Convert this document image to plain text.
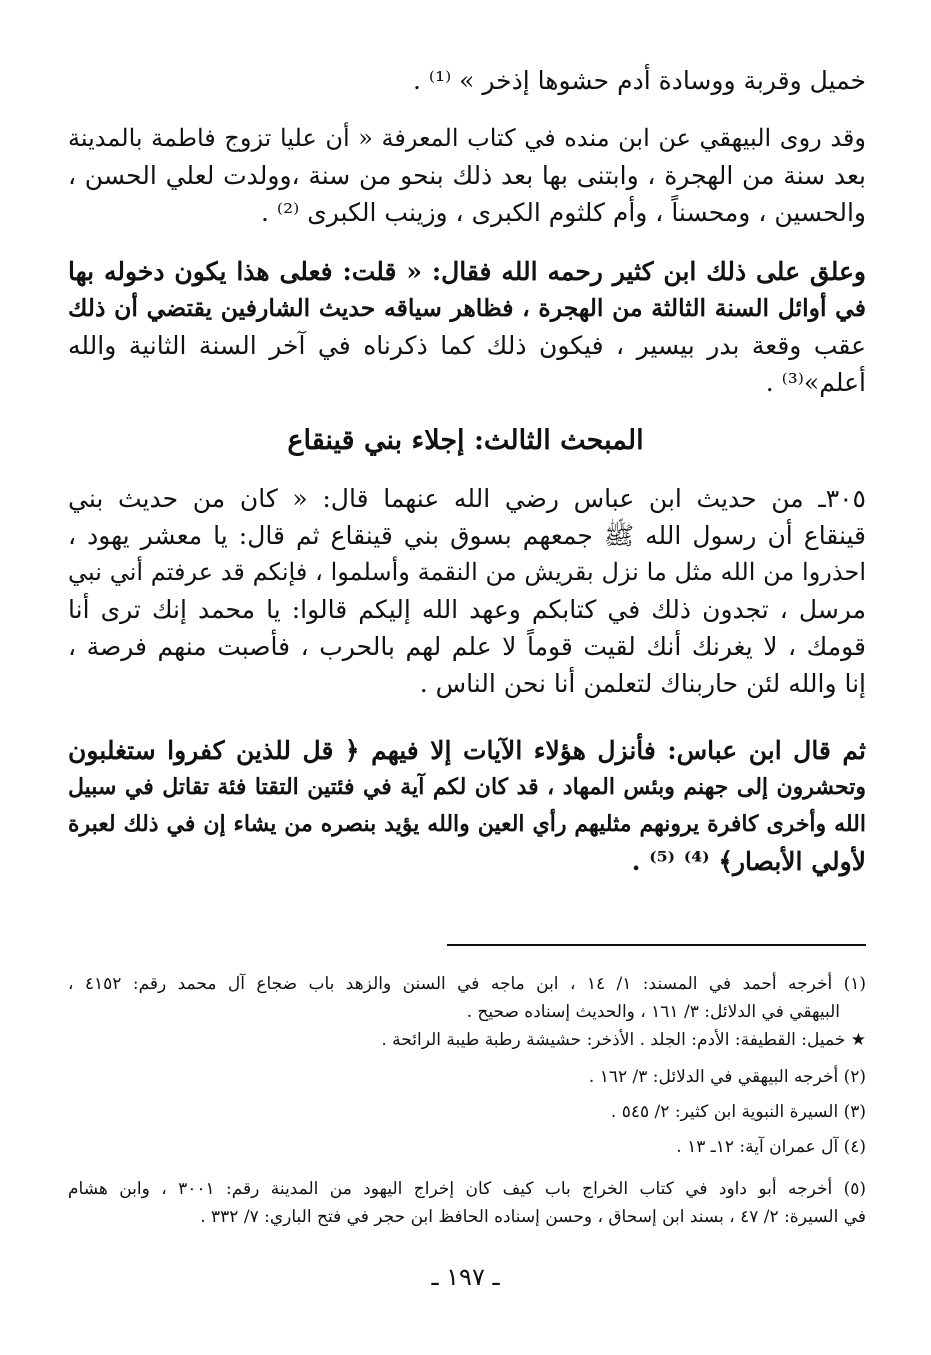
خميل وقربة ووسادة أدم حشوها إذخر » ⁽¹⁾ .
وقد روى البيهقي عن ابن منده في كتاب المعرفة « أن عليا تزوج فاطمة بالمدينة
بعد سنة من الهجرة ، وابتنى بها بعد ذلك بنحو من سنة ،وولدت لعلي الحسن ،
والحسين ، ومحسناً ، وأم كلثوم الكبرى ، وزينب الكبرى ⁽²⁾ .
وعلق على ذلك ابن كثير رحمه الله فقال: « قلت: فعلى هذا يكون دخوله بها
في أوائل السنة الثالثة من الهجرة ، فظاهر سياقه حديث الشارفين يقتضي أن ذلك
عقب وقعة بدر بيسير ، فيكون ذلك كما ذكرناه في آخر السنة الثانية والله
أعلم»⁽³⁾ .
المبحث الثالث: إجلاء بني قينقاع
٣٠٥ـ من حديث ابن عباس رضي الله عنهما قال: « كان من حديث بني
قينقاع أن رسول الله ﷺ جمعهم بسوق بني قينقاع ثم قال: يا معشر يهود ،
احذروا من الله مثل ما نزل بقريش من النقمة وأسلموا ، فإنكم قد عرفتم أني نبي
مرسل ، تجدون ذلك في كتابكم وعهد الله إليكم قالوا: يا محمد إنك ترى أنا
قومك ، لا يغرنك أنك لقيت قوماً لا علم لهم بالحرب ، فأصبت منهم فرصة ،
إنا والله لئن حاربناك لتعلمن أنا نحن الناس .
ثم قال ابن عباس: فأنزل هؤلاء الآيات إلا فيهم ﴿ قل للذين كفروا ستغلبون
وتحشرون إلى جهنم وبئس المهاد ، قد كان لكم آية في فئتين التقتا فئة تقاتل في سبيل
الله وأخرى كافرة يرونهم مثليهم رأي العين والله يؤيد بنصره من يشاء إن في ذلك لعبرة
لأولي الأبصار﴾ ⁽⁴⁾ ⁽⁵⁾ .
(١) أخرجه أحمد في المسند: ١/ ١٤ ، ابن ماجه في السنن والزهد باب ضجاع آل محمد رقم: ٤١٥٢ ،
البيهقي في الدلائل: ٣/ ١٦١ ، والحديث إسناده صحيح .
★ خميل: القطيفة: الأدم: الجلد . الأذخر: حشيشة رطبة طيبة الرائحة .
(٢) أخرجه البيهقي في الدلائل: ٣/ ١٦٢ .
(٣) السيرة النبوية ابن كثير: ٢/ ٥٤٥ .
(٤) آل عمران آية: ١٢ـ ١٣ .
(٥) أخرجه أبو داود في كتاب الخراج باب كيف كان إخراج اليهود من المدينة رقم: ٣٠٠١ ، وابن هشام
في السيرة: ٢/ ٤٧ ، بسند ابن إسحاق ، وحسن إسناده الحافظ ابن حجر في فتح الباري: ٧/ ٣٣٢ .
ـ ١٩٧ ـ
